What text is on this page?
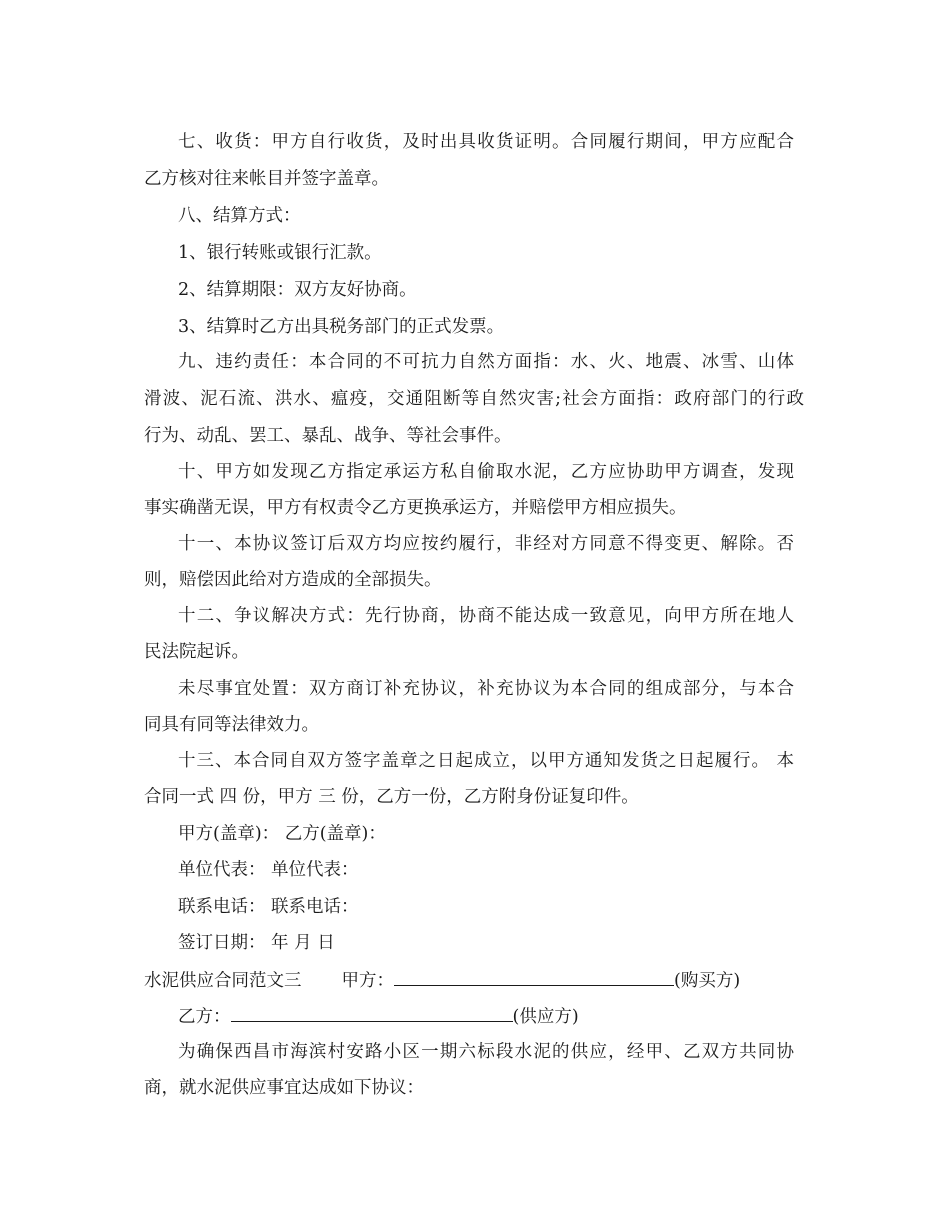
七、收货：甲方自行收货，及时出具收货证明。合同履行期间，甲方应配合
乙方核对往来帐目并签字盖章。
八、结算方式：
1、银行转账或银行汇款。
2、结算期限：双方友好协商。
3、结算时乙方出具税务部门的正式发票。
九、违约责任：本合同的不可抗力自然方面指：水、火、地震、冰雪、山体
滑波、泥石流、洪水、瘟疫，交通阻断等自然灾害;社会方面指：政府部门的行政
行为、动乱、罢工、暴乱、战争、等社会事件。
十、甲方如发现乙方指定承运方私自偷取水泥，乙方应协助甲方调查，发现
事实确凿无误，甲方有权责令乙方更换承运方，并赔偿甲方相应损失。
十一、本协议签订后双方均应按约履行，非经对方同意不得变更、解除。否
则，赔偿因此给对方造成的全部损失。
十二、争议解决方式：先行协商，协商不能达成一致意见，向甲方所在地人
民法院起诉。
未尽事宜处置：双方商订补充协议，补充协议为本合同的组成部分，与本合
同具有同等法律效力。
十三、本合同自双方签字盖章之日起成立，以甲方通知发货之日起履行。 本
合同一式 四 份，甲方 三 份，乙方一份，乙方附身份证复印件。
甲方(盖章)： 乙方(盖章)：
单位代表： 单位代表：
联系电话： 联系电话：
签订日期： 年 月 日
水泥供应合同范文三 甲方：	(购买方)
乙方：	(供应方)
为确保西昌市海滨村安路小区一期六标段水泥的供应，经甲、乙双方共同协
商，就水泥供应事宜达成如下协议：
